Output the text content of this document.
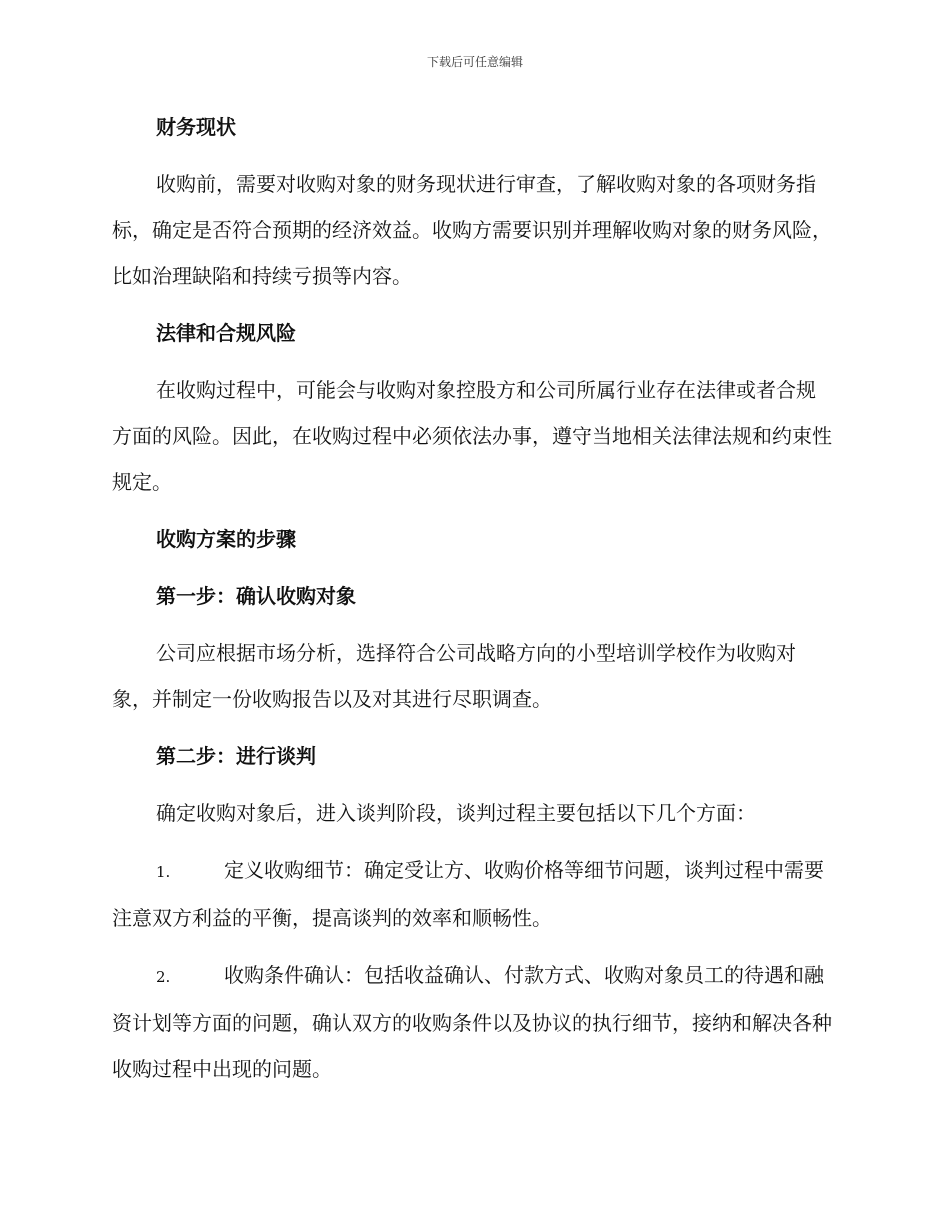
下载后可任意编辑
财务现状
收购前，需要对收购对象的财务现状进行审查，了解收购对象的各项财务指标，确定是否符合预期的经济效益。收购方需要识别并理解收购对象的财务风险，比如治理缺陷和持续亏损等内容。
法律和合规风险
在收购过程中，可能会与收购对象控股方和公司所属行业存在法律或者合规方面的风险。因此，在收购过程中必须依法办事，遵守当地相关法律法规和约束性规定。
收购方案的步骤
第一步：确认收购对象
公司应根据市场分析，选择符合公司战略方向的小型培训学校作为收购对象，并制定一份收购报告以及对其进行尽职调查。
第二步：进行谈判
确定收购对象后，进入谈判阶段，谈判过程主要包括以下几个方面：
1.	定义收购细节：确定受让方、收购价格等细节问题，谈判过程中需要注意双方利益的平衡，提高谈判的效率和顺畅性。
2.	收购条件确认：包括收益确认、付款方式、收购对象员工的待遇和融资计划等方面的问题，确认双方的收购条件以及协议的执行细节，接纳和解决各种收购过程中出现的问题。
